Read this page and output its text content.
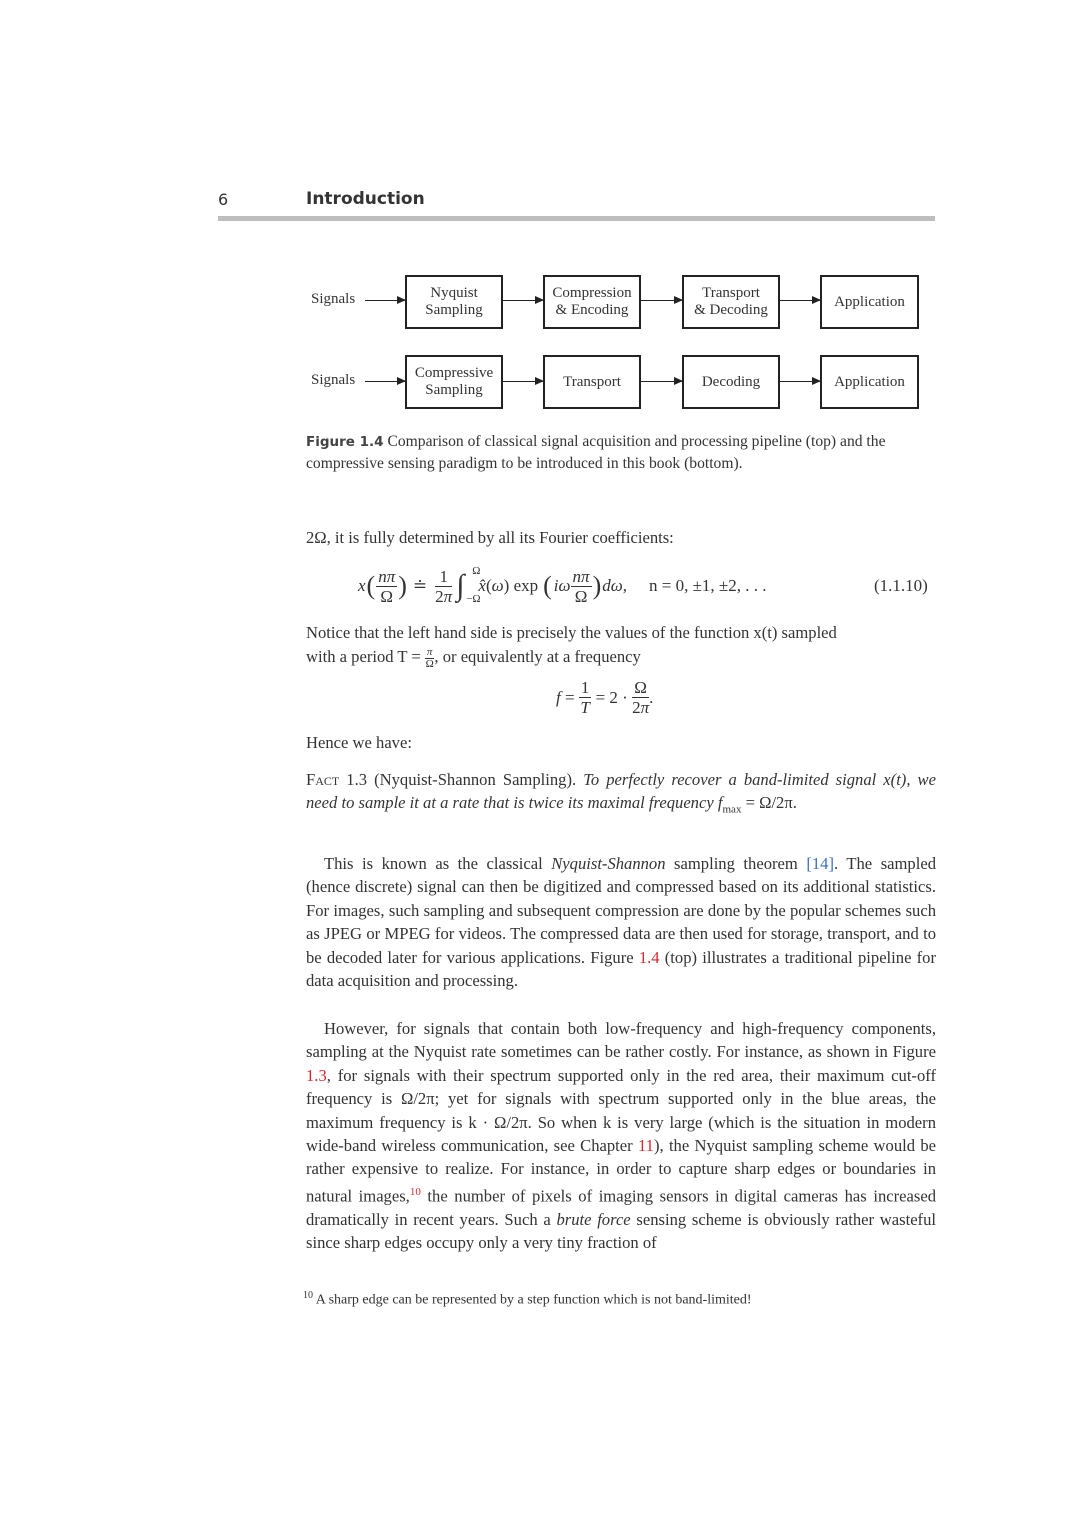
6	Introduction
Signals	Nyquist
Sampling
Compression
& Encoding
Transport
& Decoding
Application
Signals	Compressive
Sampling
Transport	Decoding	Application
Figure 1.4 Comparison of classical signal acquisition and processing pipeline (top) and the compressive sensing paradigm to be introduced in this book (bottom).
2Ω, it is fully determined by all its Fourier coefficients:
x ( $\frac{n\pi}{\Omega}$ ) ≐ $\frac{1}{2\pi}$ ∫ Ω
−Ω
x̂(ω) exp ( iω $\frac{n\pi}{\Omega}$ ) dω, n = 0, ±1, ±2, . . .	(1.1.10)
Notice that the left hand side is precisely the values of the function x(t) sampled
with a period $T = \frac{\pi}{\Omega}$ , or equivalently at a frequency
$f = \frac{1}{T} = 2 \cdot \frac{\Omega}{2\pi}$ .
Hence we have:
Fact 1.3 (Nyquist-Shannon Sampling). To perfectly recover a band-limited signal x(t), we need to sample it at a rate that is twice its maximal frequency $f_{max} = \Omega/2\pi$.
This is known as the classical Nyquist-Shannon sampling theorem [14]. The sampled (hence discrete) signal can then be digitized and compressed based on its additional statistics. For images, such sampling and subsequent compression are done by the popular schemes such as JPEG or MPEG for videos. The compressed data are then used for storage, transport, and to be decoded later for various applications. Figure 1.4 (top) illustrates a traditional pipeline for data acquisition and processing.
However, for signals that contain both low-frequency and high-frequency components, sampling at the Nyquist rate sometimes can be rather costly. For instance, as shown in Figure 1.3, for signals with their spectrum supported only in the red area, their maximum cut-off frequency is Ω/2π; yet for signals with spectrum supported only in the blue areas, the maximum frequency is k · Ω/2π. So when k is very large (which is the situation in modern wide-band wireless communication, see Chapter 11), the Nyquist sampling scheme would be rather expensive to realize. For instance, in order to capture sharp edges or boundaries in natural images,$^{10}$ the number of pixels of imaging sensors in digital cameras has increased dramatically in recent years. Such a brute force sensing scheme is obviously rather wasteful since sharp edges occupy only a very tiny fraction of
$^{10}$ A sharp edge can be represented by a step function which is not band-limited!
